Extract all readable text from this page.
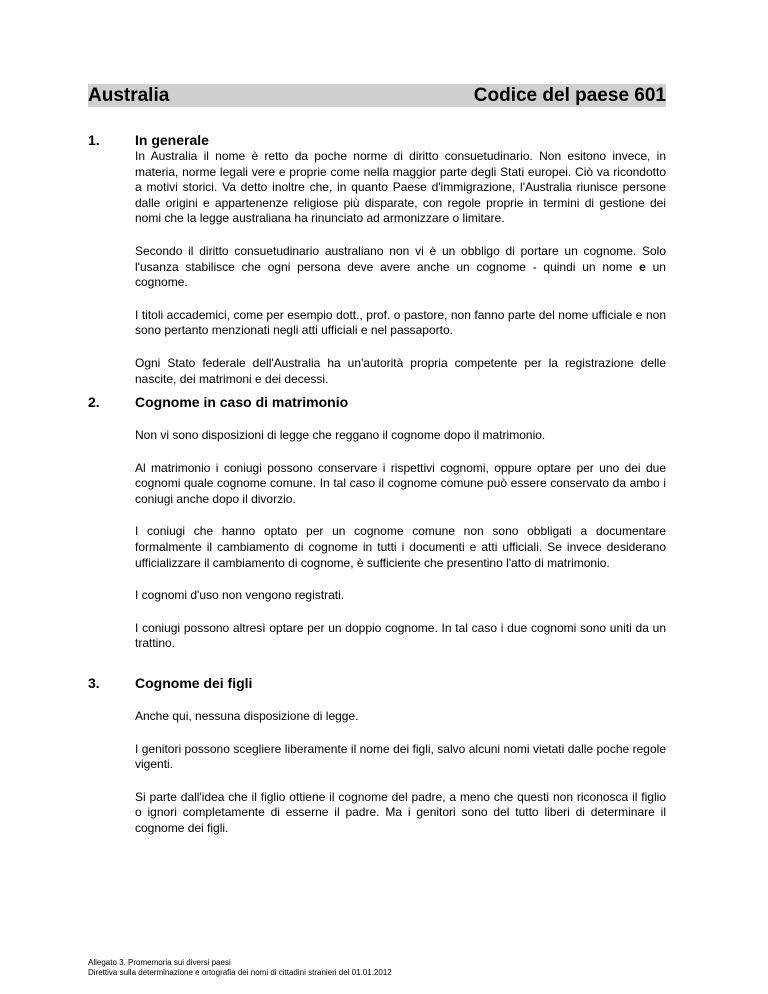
Australia	Codice del paese 601
1.	In generale

In Australia il nome è retto da poche norme di diritto consuetudinario. Non esitono invece, in materia, norme legali vere e proprie come nella maggior parte degli Stati europei. Ciò va ricondotto a motivi storici. Va detto inoltre che, in quanto Paese d'immigrazione, l'Australia riunisce persone dalle origini e appartenenze religiose più disparate, con regole proprie in termini di gestione dei nomi che la legge australiana ha rinunciato ad armonizzare o limitare.

Secondo il diritto consuetudinario australiano non vi è un obbligo di portare un cognome. Solo l'usanza stabilisce che ogni persona deve avere anche un cognome - quindi un nome e un cognome.

I titoli accademici, come per esempio dott., prof. o pastore, non fanno parte del nome ufficiale e non sono pertanto menzionati negli atti ufficiali e nel passaporto.

Ogni Stato federale dell'Australia ha un'autorità propria competente per la registrazione delle nascite, dei matrimoni e dei decessi.

2.	Cognome in caso di matrimonio

Non vi sono disposizioni di legge che reggano il cognome dopo il matrimonio.

Al matrimonio i coniugi possono conservare i rispettivi cognomi, oppure optare per uno dei due cognomi quale cognome comune. In tal caso il cognome comune può essere conservato da ambo i coniugi anche dopo il divorzio.

I coniugi che hanno optato per un cognome comune non sono obbligati a documentare formalmente il cambiamento di cognome in tutti i documenti e atti ufficiali. Se invece desiderano ufficializzare il cambiamento di cognome, è sufficiente che presentino l'atto di matrimonio.

I cognomi d'uso non vengono registrati.

I coniugi possono altresì optare per un doppio cognome. In tal caso i due cognomi sono uniti da un trattino.

3.	Cognome dei figli

Anche qui, nessuna disposizione di legge.

I genitori possono scegliere liberamente il nome dei figli, salvo alcuni nomi vietati dalle poche regole vigenti.

Si parte dall'idea che il figlio ottiene il cognome del padre, a meno che questi non riconosca il figlio o ignori completamente di esserne il padre. Ma i genitori sono del tutto liberi di determinare il cognome dei figli.

Allegato 3. Promemoria sui diversi paesi
Direttiva sulla determinazione e ortografia dei nomi di cittadini stranieri del 01.01.2012
